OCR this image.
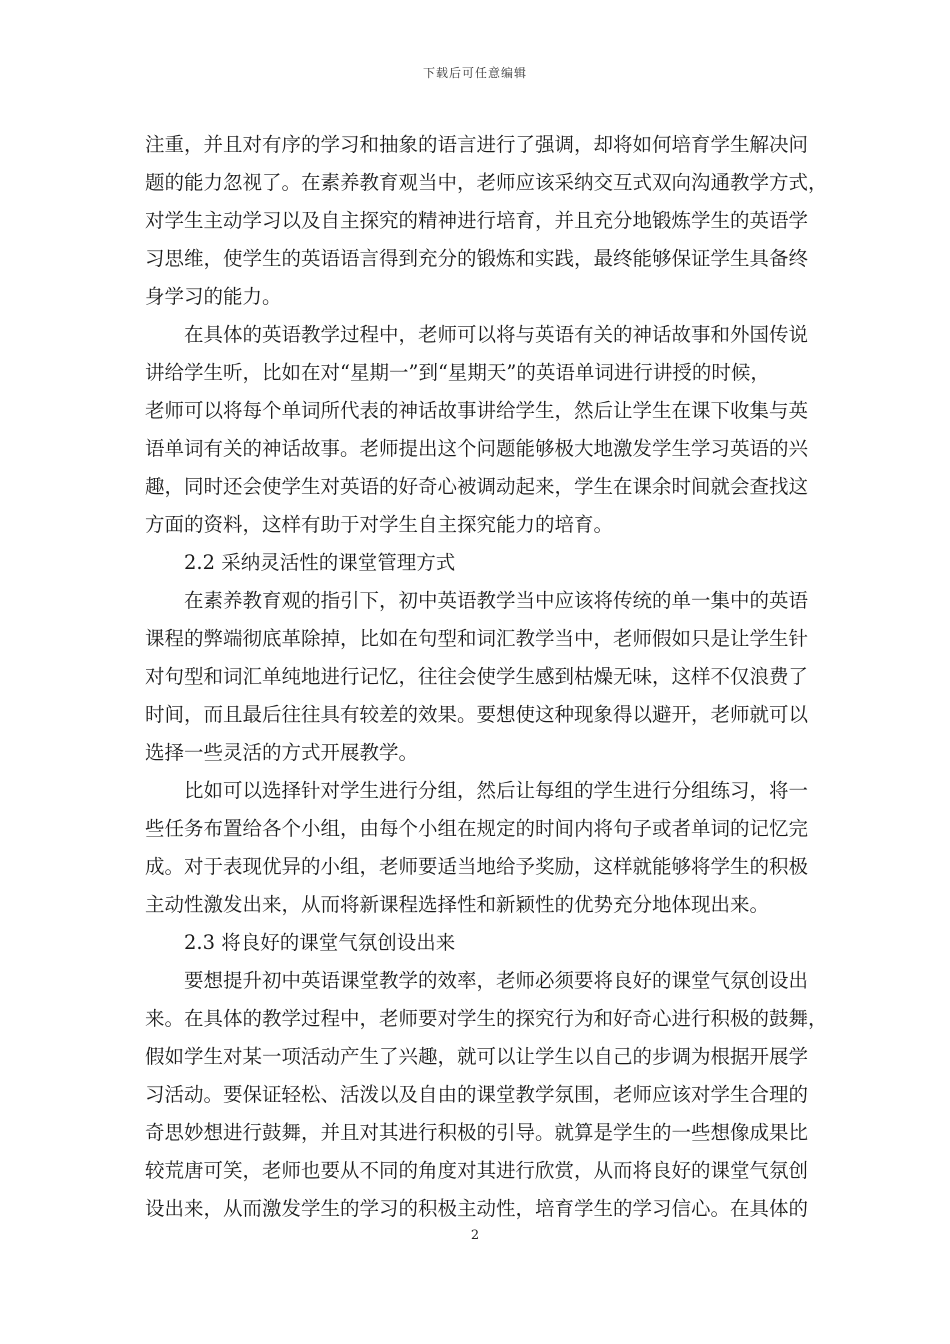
下载后可任意编辑
注重，并且对有序的学习和抽象的语言进行了强调，却将如何培育学生解决问
题的能力忽视了。在素养教育观当中，老师应该采纳交互式双向沟通教学方式，
对学生主动学习以及自主探究的精神进行培育，并且充分地锻炼学生的英语学
习思维，使学生的英语语言得到充分的锻炼和实践，最终能够保证学生具备终
身学习的能力。
在具体的英语教学过程中，老师可以将与英语有关的神话故事和外国传说
讲给学生听，比如在对“星期一”到“星期天”的英语单词进行讲授的时候，
老师可以将每个单词所代表的神话故事讲给学生，然后让学生在课下收集与英
语单词有关的神话故事。老师提出这个问题能够极大地激发学生学习英语的兴
趣，同时还会使学生对英语的好奇心被调动起来，学生在课余时间就会查找这
方面的资料，这样有助于对学生自主探究能力的培育。
2.2 采纳灵活性的课堂管理方式
在素养教育观的指引下，初中英语教学当中应该将传统的单一集中的英语
课程的弊端彻底革除掉，比如在句型和词汇教学当中，老师假如只是让学生针
对句型和词汇单纯地进行记忆，往往会使学生感到枯燥无味，这样不仅浪费了
时间，而且最后往往具有较差的效果。要想使这种现象得以避开，老师就可以
选择一些灵活的方式开展教学。
比如可以选择针对学生进行分组，然后让每组的学生进行分组练习，将一
些任务布置给各个小组，由每个小组在规定的时间内将句子或者单词的记忆完
成。对于表现优异的小组，老师要适当地给予奖励，这样就能够将学生的积极
主动性激发出来，从而将新课程选择性和新颖性的优势充分地体现出来。
2.3 将良好的课堂气氛创设出来
要想提升初中英语课堂教学的效率，老师必须要将良好的课堂气氛创设出
来。在具体的教学过程中，老师要对学生的探究行为和好奇心进行积极的鼓舞，
假如学生对某一项活动产生了兴趣，就可以让学生以自己的步调为根据开展学
习活动。要保证轻松、活泼以及自由的课堂教学氛围，老师应该对学生合理的
奇思妙想进行鼓舞，并且对其进行积极的引导。就算是学生的一些想像成果比
较荒唐可笑，老师也要从不同的角度对其进行欣赏，从而将良好的课堂气氛创
设出来，从而激发学生的学习的积极主动性，培育学生的学习信心。在具体的
2
